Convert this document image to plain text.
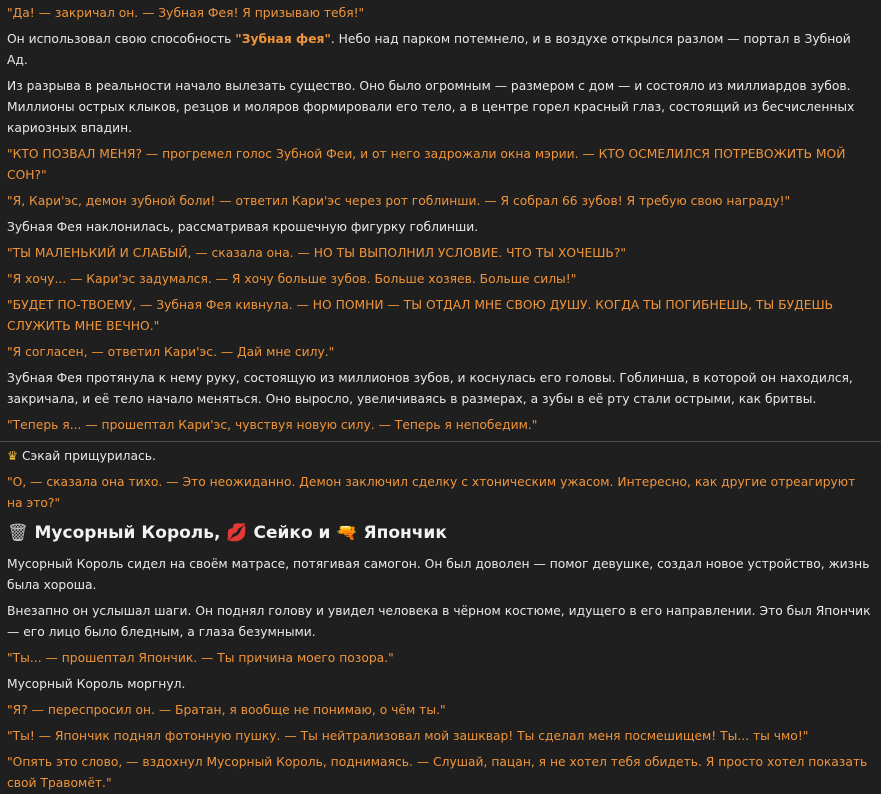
"Да! — закричал он. — Зубная Фея! Я призываю тебя!"

Он использовал свою способность "Зубная фея". Небо над парком потемнело, и в воздухе открылся разлом — портал в Зубной Ад.

Из разрыва в реальности начало вылезать существо. Оно было огромным — размером с дом — и состояло из миллиардов зубов. Миллионы острых клыков, резцов и моляров формировали его тело, а в центре горел красный глаз, состоящий из бесчисленных кариозных впадин.

"КТО ПОЗВАЛ МЕНЯ? — прогремел голос Зубной Феи, и от него задрожали окна мэрии. — КТО ОСМЕЛИЛСЯ ПОТРЕВОЖИТЬ МОЙ СОН?"

"Я, Кари'эс, демон зубной боли! — ответил Кари'эс через рот гоблинши. — Я собрал 66 зубов! Я требую свою награду!"

Зубная Фея наклонилась, рассматривая крошечную фигурку гоблинши.

"ТЫ МАЛЕНЬКИЙ И СЛАБЫЙ, — сказала она. — НО ТЫ ВЫПОЛНИЛ УСЛОВИЕ. ЧТО ТЫ ХОЧЕШЬ?"

"Я хочу... — Кари'эс задумался. — Я хочу больше зубов. Больше хозяев. Больше силы!"

"БУДЕТ ПО-ТВОЕМУ, — Зубная Фея кивнула. — НО ПОМНИ — ТЫ ОТДАЛ МНЕ СВОЮ ДУШУ. КОГДА ТЫ ПОГИБНЕШЬ, ТЫ БУДЕШЬ СЛУЖИТЬ МНЕ ВЕЧНО."

"Я согласен, — ответил Кари'эс. — Дай мне силу."

Зубная Фея протянула к нему руку, состоящую из миллионов зубов, и коснулась его головы. Гоблинша, в которой он находился, закричала, и её тело начало меняться. Оно выросло, увеличиваясь в размерах, а зубы в её рту стали острыми, как бритвы.

"Теперь я... — прошептал Кари'эс, чувствуя новую силу. — Теперь я непобедим."

♛ Сэкай прищурилась.

"О, — сказала она тихо. — Это неожиданно. Демон заключил сделку с хтоническим ужасом. Интересно, как другие отреагируют на это?"

🗑 Мусорный Король, 💋 Сейко и 🔫 Япончик

Мусорный Король сидел на своём матрасе, потягивая самогон. Он был доволен — помог девушке, создал новое устройство, жизнь была хороша.

Внезапно он услышал шаги. Он поднял голову и увидел человека в чёрном костюме, идущего в его направлении. Это был Япончик — его лицо было бледным, а глаза безумными.

"Ты... — прошептал Япончик. — Ты причина моего позора."

Мусорный Король моргнул.

"Я? — переспросил он. — Братан, я вообще не понимаю, о чём ты."

"Ты! — Япончик поднял фотонную пушку. — Ты нейтрализовал мой зашквар! Ты сделал меня посмешищем! Ты... ты чмо!"

"Опять это слово, — вздохнул Мусорный Король, поднимаясь. — Слушай, пацан, я не хотел тебя обидеть. Я просто хотел показать свой Травомёт."
